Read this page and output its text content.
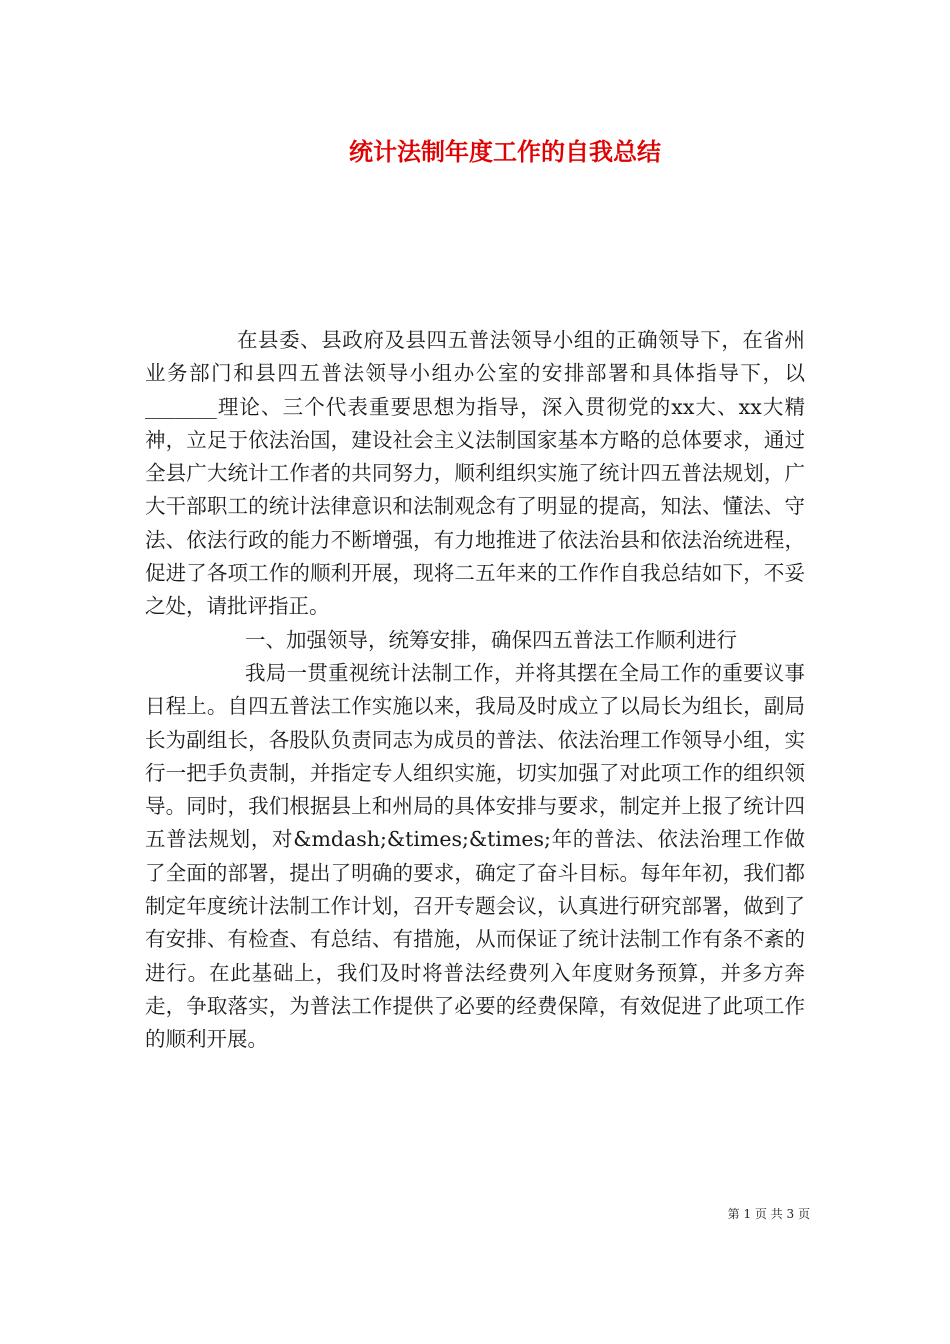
统计法制年度工作的自我总结

在县委、县政府及县四五普法领导小组的正确领导下，在省州业务部门和县四五普法领导小组办公室的安排部署和具体指导下，以_______理论、三个代表重要思想为指导，深入贯彻党的xx大、xx大精神，立足于依法治国，建设社会主义法制国家基本方略的总体要求，通过全县广大统计工作者的共同努力，顺利组织实施了统计四五普法规划，广大干部职工的统计法律意识和法制观念有了明显的提高，知法、懂法、守法、依法行政的能力不断增强，有力地推进了依法治县和依法治统进程，促进了各项工作的顺利开展，现将二五年来的工作作自我总结如下，不妥之处，请批评指正。

一、加强领导，统筹安排，确保四五普法工作顺利进行

我局一贯重视统计法制工作，并将其摆在全局工作的重要议事日程上。自四五普法工作实施以来，我局及时成立了以局长为组长，副局长为副组长，各股队负责同志为成员的普法、依法治理工作领导小组，实行一把手负责制，并指定专人组织实施，切实加强了对此项工作的组织领导。同时，我们根据县上和州局的具体安排与要求，制定并上报了统计四五普法规划，对&mdash;&times;&times;年的普法、依法治理工作做了全面的部署，提出了明确的要求，确定了奋斗目标。每年年初，我们都制定年度统计法制工作计划，召开专题会议，认真进行研究部署，做到了有安排、有检查、有总结、有措施，从而保证了统计法制工作有条不紊的进行。在此基础上，我们及时将普法经费列入年度财务预算，并多方奔走，争取落实，为普法工作提供了必要的经费保障，有效促进了此项工作的顺利开展。

第 1 页 共 3 页
